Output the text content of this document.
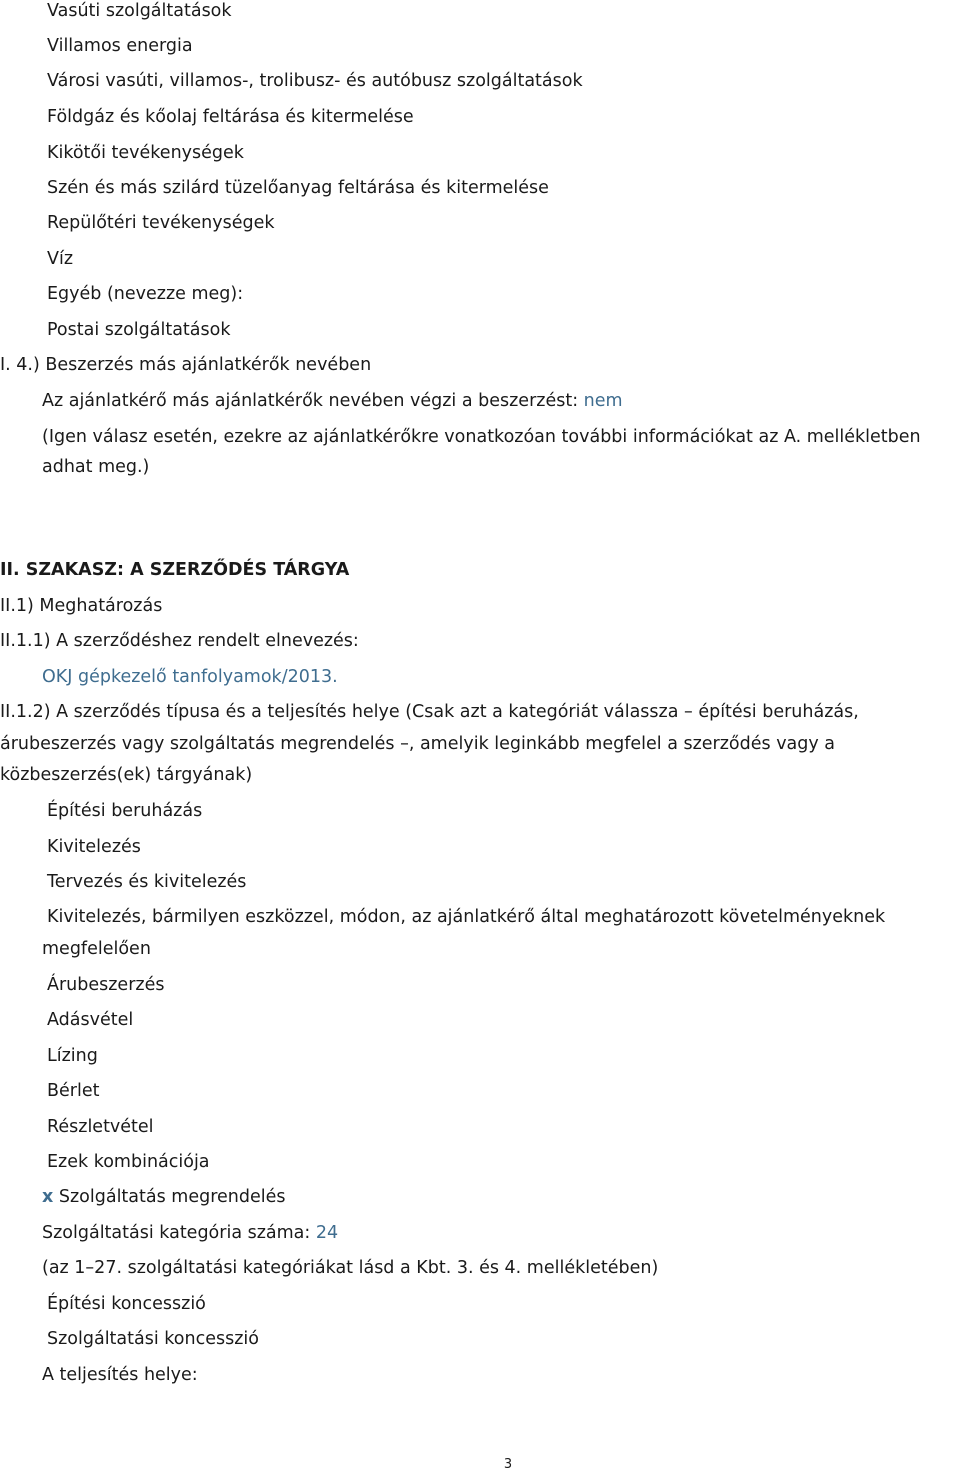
Vasúti szolgáltatások
Villamos energia
Városi vasúti, villamos-, trolibusz- és autóbusz szolgáltatások
Földgáz és kőolaj feltárása és kitermelése
Kikötői tevékenységek
Szén és más szilárd tüzelőanyag feltárása és kitermelése
Repülőtéri tevékenységek
Víz
Egyéb (nevezze meg):
Postai szolgáltatások
I. 4.) Beszerzés más ajánlatkérők nevében
Az ajánlatkérő más ajánlatkérők nevében végzi a beszerzést: nem
(Igen válasz esetén, ezekre az ajánlatkérőkre vonatkozóan további információkat az A. mellékletben
adhat meg.)
II. SZAKASZ: A SZERZŐDÉS TÁRGYA
II.1) Meghatározás
II.1.1) A szerződéshez rendelt elnevezés:
OKJ gépkezelő tanfolyamok/2013.
II.1.2) A szerződés típusa és a teljesítés helye (Csak azt a kategóriát válassza – építési beruházás,
árubeszerzés vagy szolgáltatás megrendelés –, amelyik leginkább megfelel a szerződés vagy a
közbeszerzés(ek) tárgyának)
Építési beruházás
Kivitelezés
Tervezés és kivitelezés
Kivitelezés, bármilyen eszközzel, módon, az ajánlatkérő által meghatározott követelményeknek
megfelelően
Árubeszerzés
Adásvétel
Lízing
Bérlet
Részletvétel
Ezek kombinációja
x Szolgáltatás megrendelés
Szolgáltatási kategória száma: 24
(az 1–27. szolgáltatási kategóriákat lásd a Kbt. 3. és 4. mellékletében)
Építési koncesszió
Szolgáltatási koncesszió
A teljesítés helye:
3
